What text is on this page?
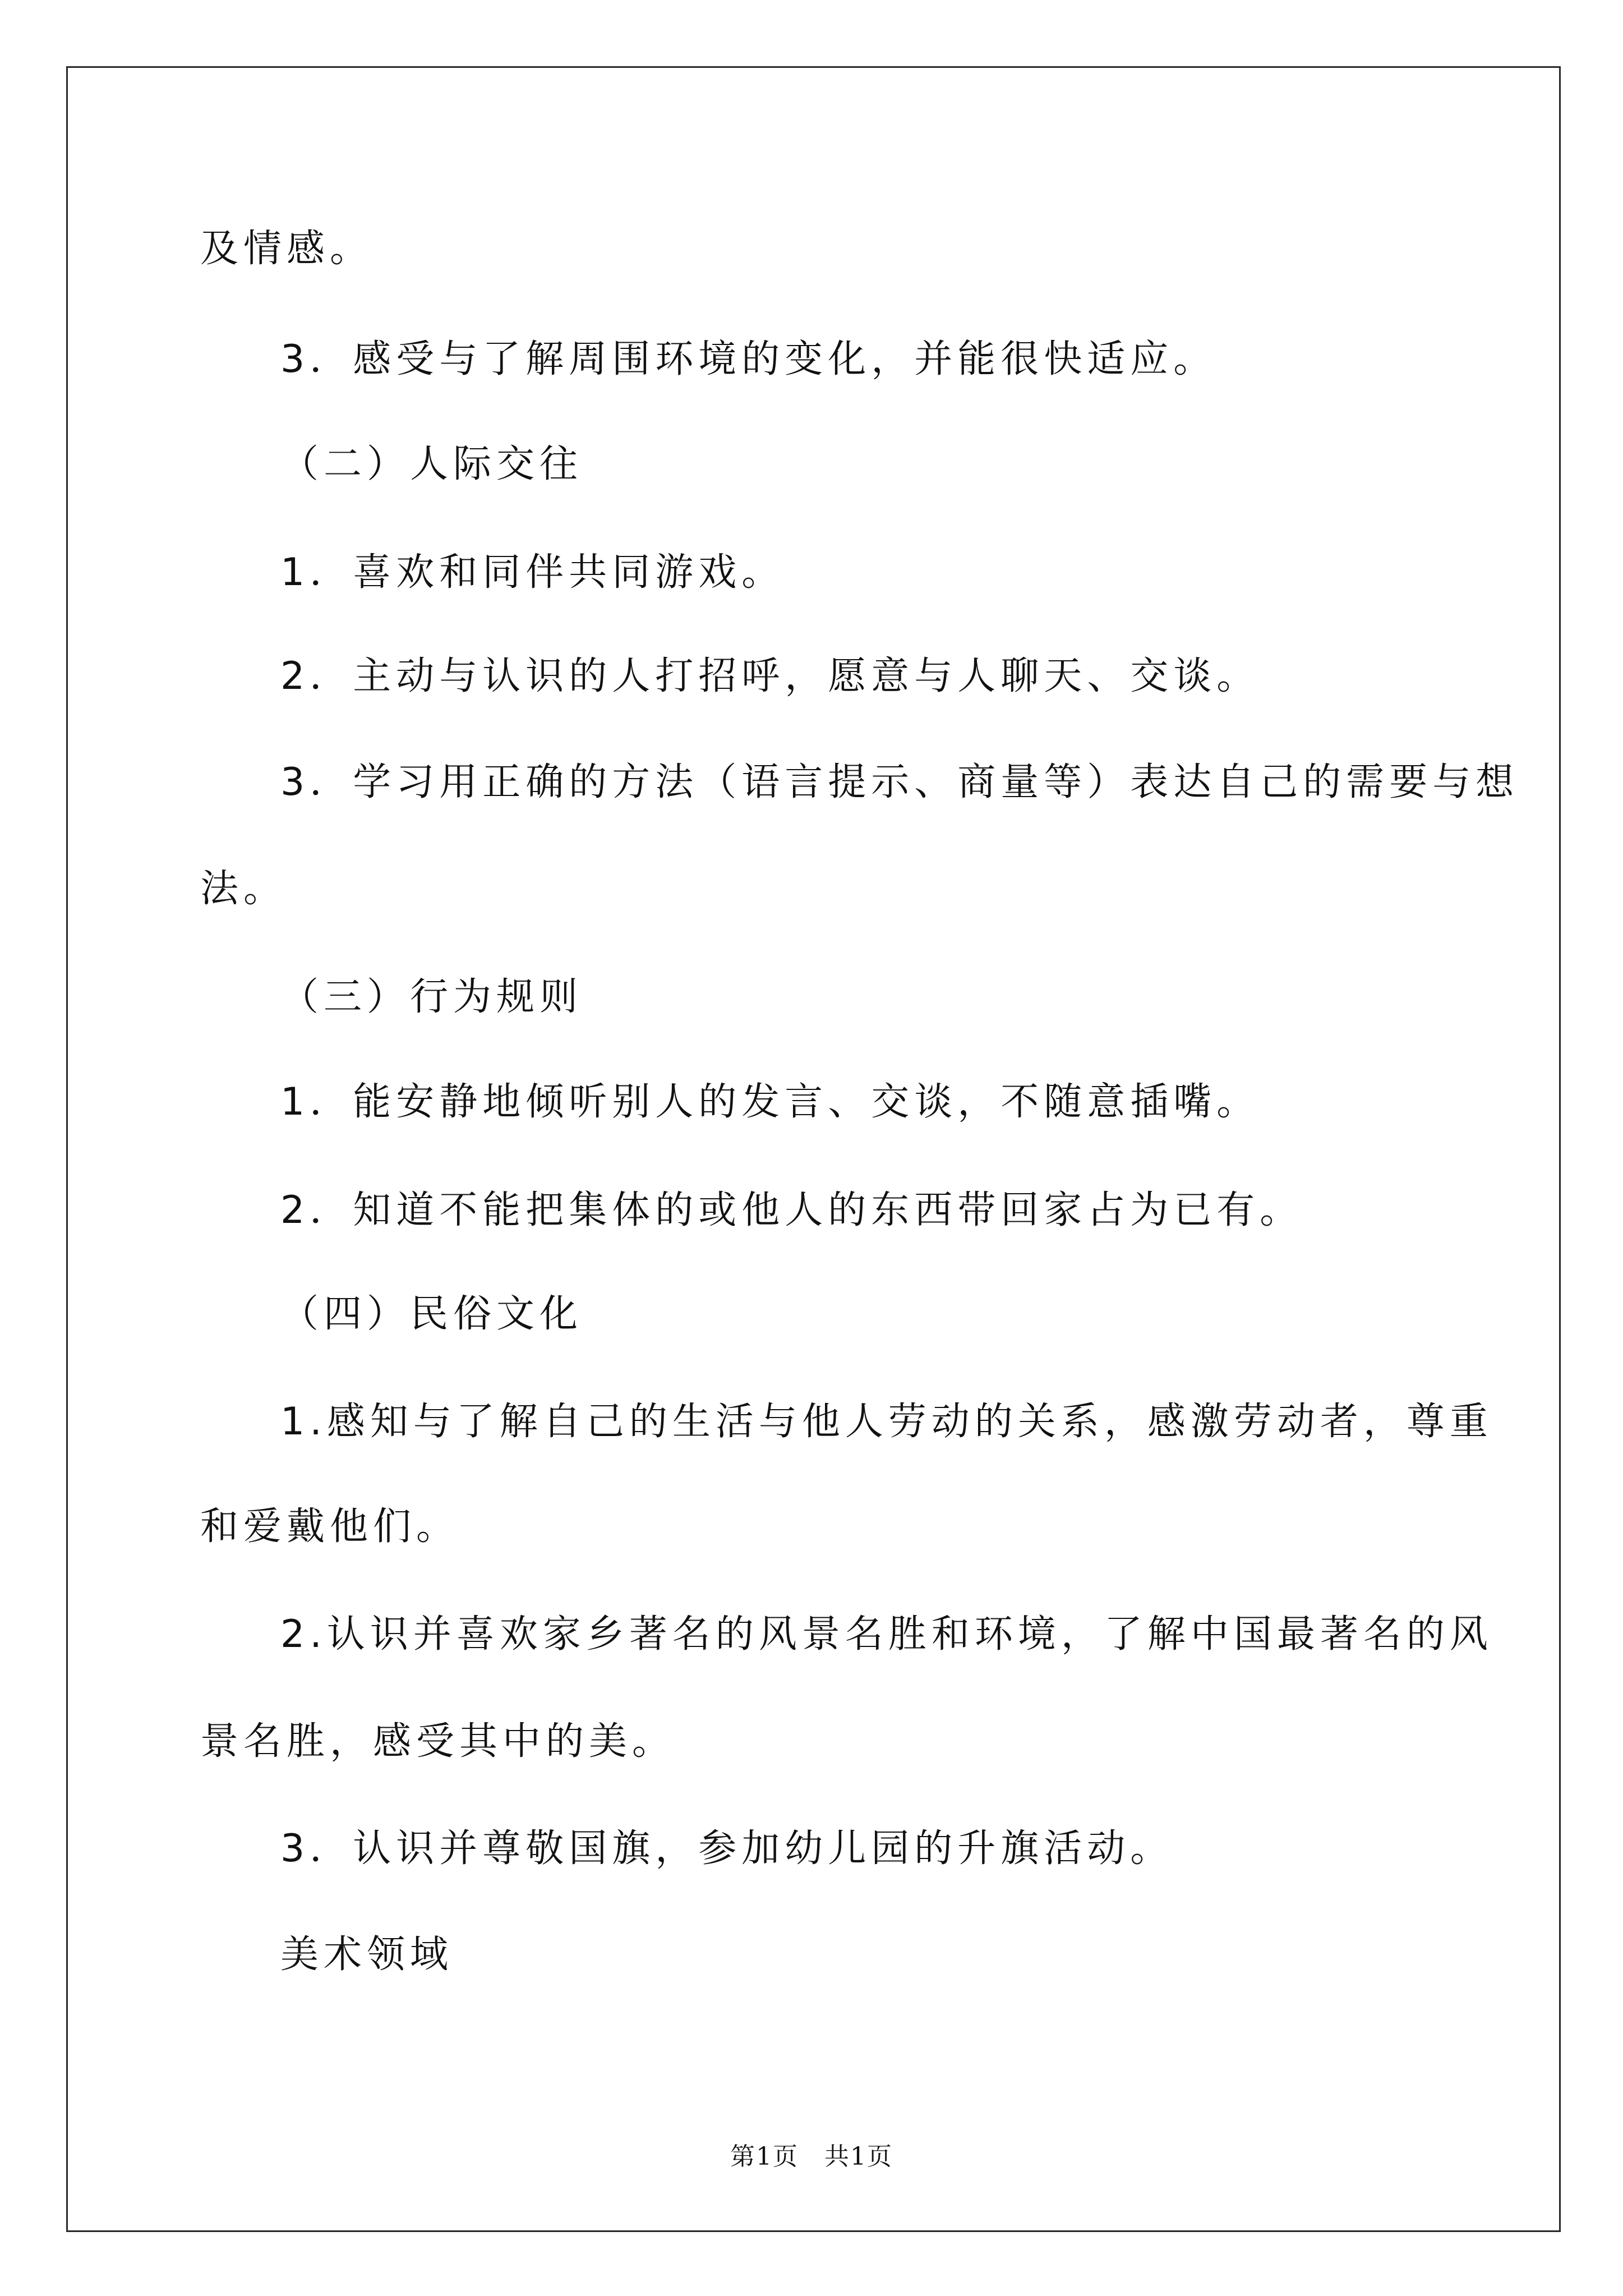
及情感。
3．感受与了解周围环境的变化，并能很快适应。
（二）人际交往
1．喜欢和同伴共同游戏。
2．主动与认识的人打招呼，愿意与人聊天、交谈。
3．学习用正确的方法（语言提示、商量等）表达自己的需要与想
法。
（三）行为规则
1．能安静地倾听别人的发言、交谈，不随意插嘴。
2．知道不能把集体的或他人的东西带回家占为已有。
（四）民俗文化
1.感知与了解自己的生活与他人劳动的关系，感激劳动者，尊重
和爱戴他们。
2.认识并喜欢家乡著名的风景名胜和环境，了解中国最著名的风
景名胜，感受其中的美。
3．认识并尊敬国旗，参加幼儿园的升旗活动。
美术领域
第1页　共1页
